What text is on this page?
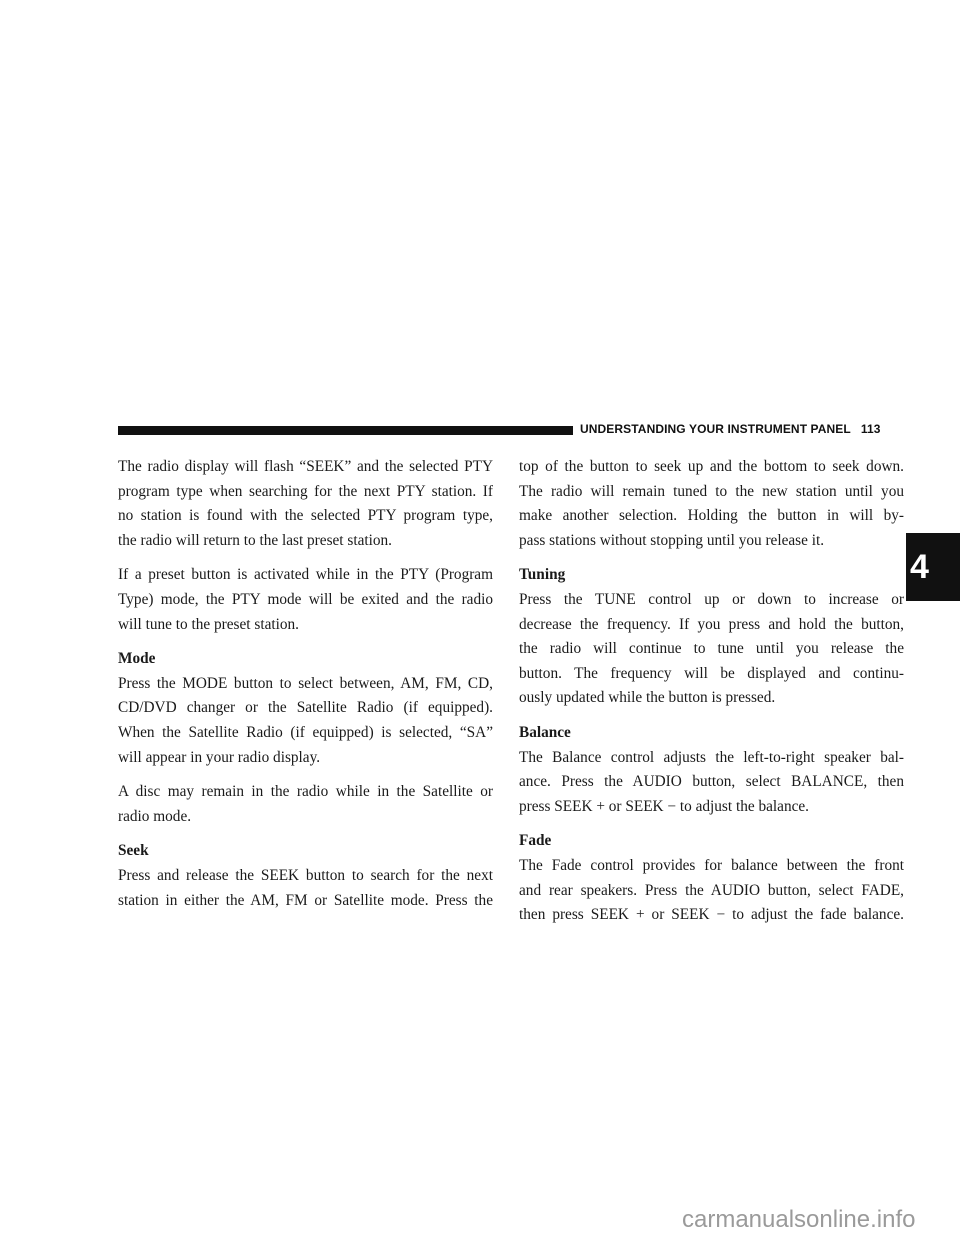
UNDERSTANDING YOUR INSTRUMENT PANEL 113
The radio display will flash “SEEK” and the selected PTY
program type when searching for the next PTY station. If
no station is found with the selected PTY program type,
the radio will return to the last preset station.
If a preset button is activated while in the PTY (Program
Type) mode, the PTY mode will be exited and the radio
will tune to the preset station.
Mode
Press the MODE button to select between, AM, FM, CD,
CD/DVD changer or the Satellite Radio (if equipped).
When the Satellite Radio (if equipped) is selected, “SA”
will appear in your radio display.
A disc may remain in the radio while in the Satellite or
radio mode.
Seek
Press and release the SEEK button to search for the next
station in either the AM, FM or Satellite mode. Press the
top of the button to seek up and the bottom to seek down.
The radio will remain tuned to the new station until you
make another selection. Holding the button in will by-
pass stations without stopping until you release it.
Tuning
Press the TUNE control up or down to increase or
decrease the frequency. If you press and hold the button,
the radio will continue to tune until you release the
button. The frequency will be displayed and continu-
ously updated while the button is pressed.
Balance
The Balance control adjusts the left-to-right speaker bal-
ance. Press the AUDIO button, select BALANCE, then
press SEEK + or SEEK − to adjust the balance.
Fade
The Fade control provides for balance between the front
and rear speakers. Press the AUDIO button, select FADE,
then press SEEK + or SEEK − to adjust the fade balance.
4
carmanualsonline.info
